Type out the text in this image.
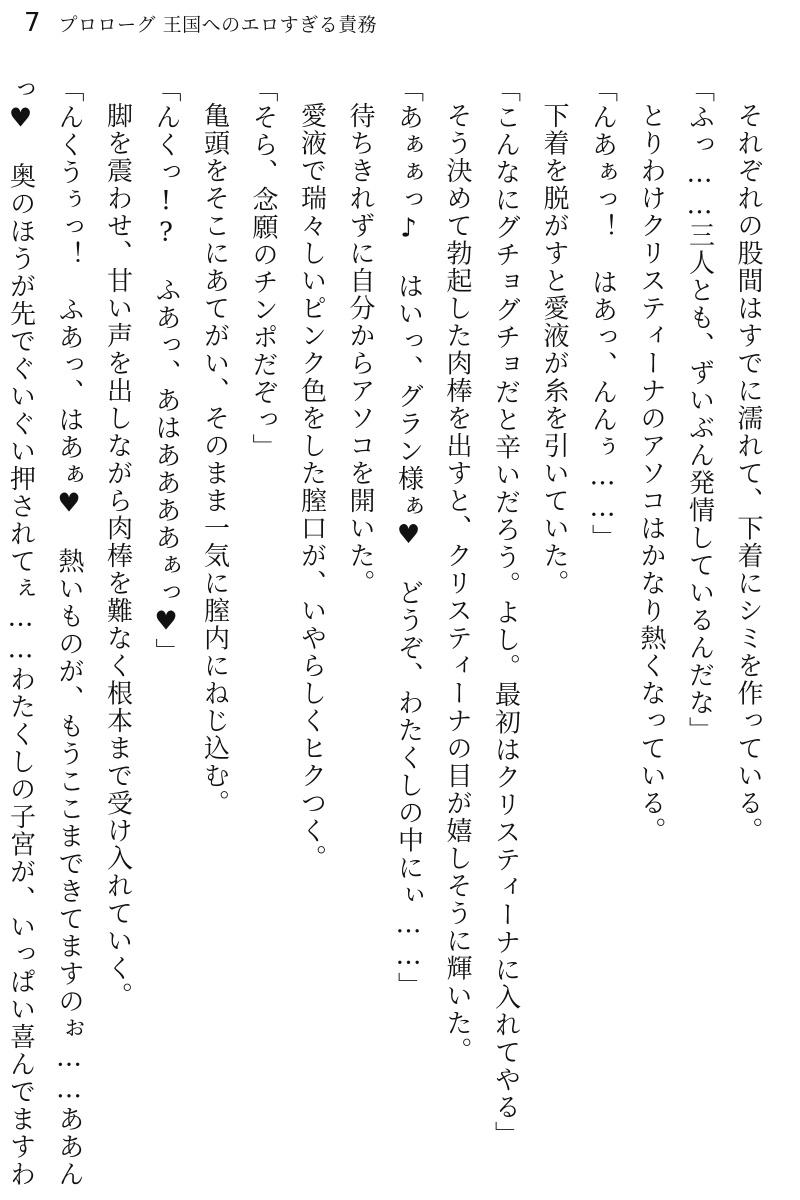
7 プロローグ 王国へのエロすぎる責務
それぞれの股間はすでに濡れて、下着にシミを作っている。
「ふっ……三人とも、ずいぶん発情しているんだな」
とりわけクリスティーナのアソコはかなり熱くなっている。
「んあぁっ！　はあっ、んんぅ……」
下着を脱がすと愛液が糸を引いていた。
「こんなにグチョグチョだと辛いだろう。よし。最初はクリスティーナに入れてやる」
そう決めて勃起した肉棒を出すと、クリスティーナの目が嬉しそうに輝いた。
「あぁぁっ♪　はいっ、グラン様ぁ♥　どうぞ、わたくしの中にぃ……」
待ちきれずに自分からアソコを開いた。
愛液で瑞々しいピンク色をした膣口が、いやらしくヒクつく。
「そら、念願のチンポだぞっ」
亀頭をそこにあてがい、そのまま一気に膣内にねじ込む。
「んくっ!?　ふあっ、あはああああぁっ♥」
脚を震わせ、甘い声を出しながら肉棒を難なく根本まで受け入れていく。
「んくうぅっ！　ふあっ、はあぁ♥　熱いものが、もうここまできてますのぉ……ああん
っ♥　奥のほうが先でぐいぐい押されてぇ……わたくしの子宮が、いっぱい喜んでますわ
